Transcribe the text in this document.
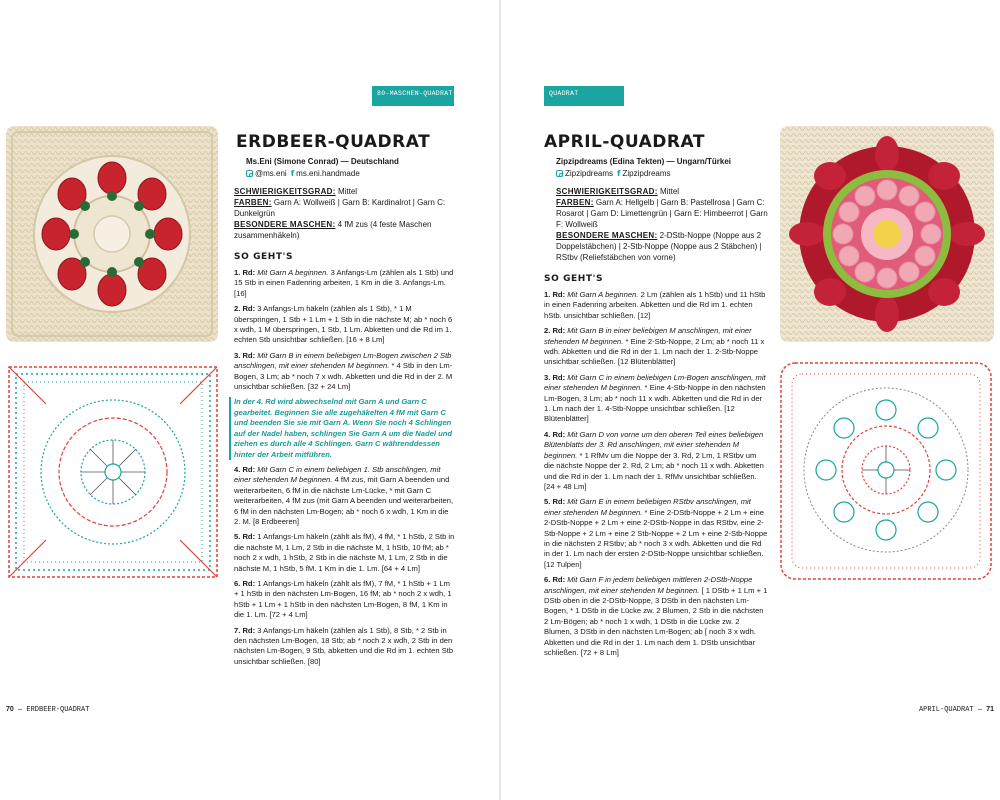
80-MASCHEN-QUADRAT
ERDBEER-QUADRAT
Ms.Eni (Simone Conrad) — Deutschland
@ms.eni f ms.eni.handmade
SCHWIERIGKEITSGRAD: Mittel
FARBEN: Garn A: Wollweiß | Garn B: Kardinalrot | Garn C: Dunkelgrün
BESONDERE MASCHEN: 4 fM zus (4 feste Maschen zusammenhäkeln)
SO GEHT'S
1. Rd: Mit Garn A beginnen. 3 Anfangs-Lm (zählen als 1 Stb) und 15 Stb in einen Fadenring arbeiten, 1 Km in die 3. Anfangs-Lm. [16]
2. Rd: 3 Anfangs-Lm häkeln (zählen als 1 Stb), * 1 M überspringen, 1 Stb + 1 Lm + 1 Stb in die nächste M; ab * noch 6 x wdh, 1 M überspringen, 1 Stb, 1 Lm. Abketten und die Rd im 1. echten Stb unsichtbar schließen. [16 + 8 Lm]
3. Rd: Mit Garn B in einem beliebigen Lm-Bogen zwischen 2 Stb anschlingen, mit einer stehenden M beginnen. * 4 Stb in den Lm-Bogen, 3 Lm; ab * noch 7 x wdh. Abketten und die Rd in der 2. M unsichtbar schließen. [32 + 24 Lm]
In der 4. Rd wird abwechselnd mit Garn A und Garn C gearbeitet. Beginnen Sie alle zugehäkelten 4 fM mit Garn C und beenden Sie sie mit Garn A. Wenn Sie noch 4 Schlingen auf der Nadel haben, schlingen Sie Garn A um die Nadel und ziehen es durch alle 4 Schlingen. Garn C währenddessen hinter der Arbeit mitführen.
4. Rd: Mit Garn C in einem beliebigen 1. Stb anschlingen, mit einer stehenden M beginnen. 4 fM zus, mit Garn A beenden und weiterarbeiten, 6 fM in die nächste Lm-Lücke, * mit Garn C weiterarbeiten, 4 fM zus (mit Garn A beenden und weiterarbeiten, 6 fM in den nächsten Lm-Bogen; ab * noch 6 x wdh, 1 Km in die 2. M. [8 Erdbeeren]
5. Rd: 1 Anfangs-Lm häkeln (zählt als fM), 4 fM, * 1 hStb, 2 Stb in die nächste M, 1 Lm, 2 Stb in die nächste M, 1 hStb, 10 fM; ab * noch 2 x wdh, 1 hStb, 2 Stb in die nächste M, 1 Lm, 2 Stb in die nächste M, 1 hStb, 5 fM. 1 Km in die 1. Lm. [64 + 4 Lm]
6. Rd: 1 Anfangs-Lm häkeln (zählt als fM), 7 fM, * 1 hStb + 1 Lm + 1 hStb in den nächsten Lm-Bogen, 16 fM; ab * noch 2 x wdh, 1 hStb + 1 Lm + 1 hStb in den nächsten Lm-Bogen, 8 fM, 1 Km in die 1. Lm. [72 + 4 Lm]
7. Rd: 3 Anfangs-Lm häkeln (zählen als 1 Stb), 8 Stb, * 2 Stb in den nächsten Lm-Bogen, 18 Stb; ab * noch 2 x wdh, 2 Stb in den nächsten Lm-Bogen, 9 Stb, abketten und die Rd im 1. echten Stb unsichtbar schließen. [80]
70 — ERDBEER-QUADRAT
80-MASCHEN-QUADRAT
APRIL-QUADRAT
Zipzipdreams (Edina Tekten) — Ungarn/Türkei
Zipzipdreams f Zipzipdreams
SCHWIERIGKEITSGRAD: Mittel
FARBEN: Garn A: Hellgelb | Garn B: Pastellrosa | Garn C: Rosarot | Garn D: Limettengrün | Garn E: Himbeerrot | Garn F: Wollweiß
BESONDERE MASCHEN: 2-DStb-Noppe (Noppe aus 2 Doppelstäbchen) | 2-Stb-Noppe (Noppe aus 2 Stäbchen) | RStbv (Reliefstäbchen von vorne)
SO GEHT'S
1. Rd: Mit Garn A beginnen. 2 Lm (zählen als 1 hStb) und 11 hStb in einen Fadenring arbeiten. Abketten und die Rd im 1. echten hStb. unsichtbar schließen. [12]
2. Rd: Mit Garn B in einer beliebigen M anschlingen, mit einer stehenden M beginnen. * Eine 2-Stb-Noppe, 2 Lm; ab * noch 11 x wdh. Abketten und die Rd in der 1. Lm nach der 1. 2-Stb-Noppe unsichtbar schließen. [12 Blütenblätter]
3. Rd: Mit Garn C in einem beliebigen Lm-Bogen anschlingen, mit einer stehenden M beginnen. * Eine 4-Stb-Noppe in den nächsten Lm-Bogen, 3 Lm; ab * noch 11 x wdh. Abketten und die Rd in der 1. Lm nach der 1. 4-Stb-Noppe unsichtbar schließen. [12 Blütenblätter]
4. Rd: Mit Garn D von vorne um den oberen Teil eines beliebigen Blütenblatts der 3. Rd anschlingen, mit einer stehenden M beginnen. * 1 RfMv um die Noppe der 3. Rd, 2 Lm, 1 RStbv um die nächste Noppe der 2. Rd, 2 Lm; ab * noch 11 x wdh. Abketten und die Rd in der 1. Lm nach der 1. RfMv unsichtbar schließen. [24 + 48 Lm]
5. Rd: Mit Garn E in einem beliebigen RStbv anschlingen, mit einer stehenden M beginnen. * Eine 2-DStb-Noppe + 2 Lm + eine 2-DStb-Noppe + 2 Lm + eine 2-DStb-Noppe in das RStbv, eine 2-Stb-Noppe + 2 Lm + eine 2 Stb-Noppe + 2 Lm + eine 2-Stb-Noppe in die nächsten 2 RStbv; ab * noch 3 x wdh. Abketten und die Rd in der 1. Lm nach der ersten 2-DStb-Noppe unsichtbar schließen. [12 Tulpen]
6. Rd: Mit Garn F in jedem beliebigen mittleren 2-DStb-Noppe anschlingen, mit einer stehenden M beginnen. [ 1 DStb + 1 Lm + 1 DStb oben in die 2-DStb-Noppe, 3 DStb in den nächsten Lm-Bogen, * 1 DStb in die Lücke zw. 2 Blumen, 2 Stb in die nächsten 2 Lm-Bögen; ab * noch 1 x wdh, 1 DStb in die Lücke zw. 2 Blumen, 3 DStb in den nächsten Lm-Bogen; ab [ noch 3 x wdh. Abketten und die Rd in der 1. Lm nach dem 1. DStb unsichtbar schließen. [72 + 8 Lm]
APRIL-QUADRAT — 71
